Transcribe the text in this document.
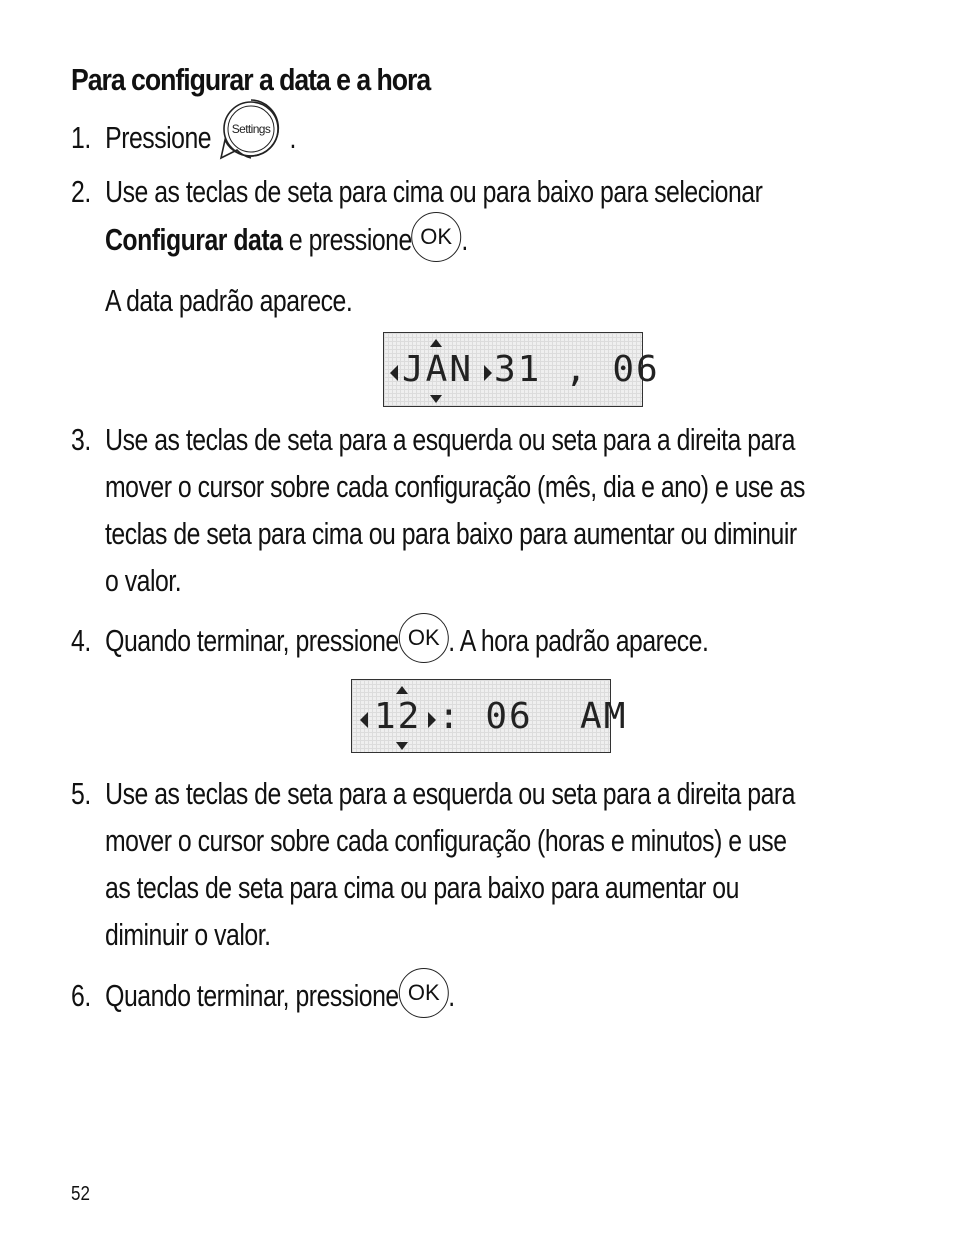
Para configurar a data e a hora
1. Pressione Settings .
2. Use as teclas de seta para cima ou para baixo para selecionar
Configurar data e pressione OK .
A data padrão aparece.
JAN 31 , 06
3. Use as teclas de seta para a esquerda ou seta para a direita para
mover o cursor sobre cada configuração (mês, dia e ano) e use as
teclas de seta para cima ou para baixo para aumentar ou diminuir
o valor.
4. Quando terminar, pressione OK . A hora padrão aparece.
12 : 06  AM
5. Use as teclas de seta para a esquerda ou seta para a direita para
mover o cursor sobre cada configuração (horas e minutos) e use
as teclas de seta para cima ou para baixo para aumentar ou
diminuir o valor.
6. Quando terminar, pressione OK .
52
